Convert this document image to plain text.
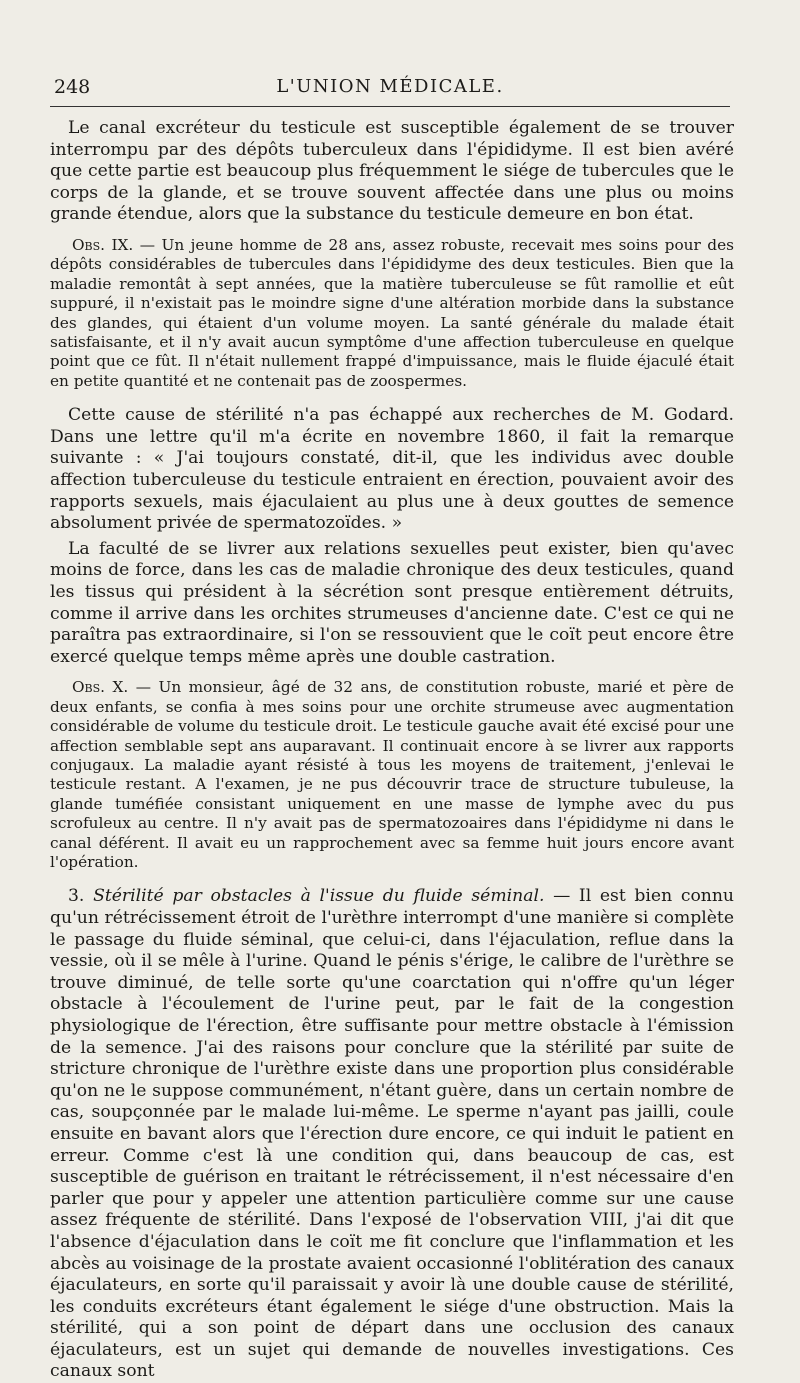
248	L'UNION MÉDICALE.

Le canal excréteur du testicule est susceptible également de se trouver interrompu par des dépôts tuberculeux dans l'épididyme. Il est bien avéré que cette partie est beaucoup plus fréquemment le siége de tubercules que le corps de la glande, et se trouve souvent affectée dans une plus ou moins grande étendue, alors que la substance du testicule demeure en bon état.

Obs. IX. — Un jeune homme de 28 ans, assez robuste, recevait mes soins pour des dépôts considérables de tubercules dans l'épididyme des deux testicules. Bien que la maladie remontât à sept années, que la matière tuberculeuse se fût ramollie et eût suppuré, il n'existait pas le moindre signe d'une altération morbide dans la substance des glandes, qui étaient d'un volume moyen. La santé générale du malade était satisfaisante, et il n'y avait aucun symptôme d'une affection tuberculeuse en quelque point que ce fût. Il n'était nullement frappé d'impuissance, mais le fluide éjaculé était en petite quantité et ne contenait pas de zoospermes.

Cette cause de stérilité n'a pas échappé aux recherches de M. Godard. Dans une lettre qu'il m'a écrite en novembre 1860, il fait la remarque suivante : « J'ai toujours constaté, dit-il, que les individus avec double affection tuberculeuse du testicule entraient en érection, pouvaient avoir des rapports sexuels, mais éjaculaient au plus une à deux gouttes de semence absolument privée de spermatozoïdes. »

La faculté de se livrer aux relations sexuelles peut exister, bien qu'avec moins de force, dans les cas de maladie chronique des deux testicules, quand les tissus qui président à la sécrétion sont presque entièrement détruits, comme il arrive dans les orchites strumeuses d'ancienne date. C'est ce qui ne paraîtra pas extraordinaire, si l'on se ressouvient que le coït peut encore être exercé quelque temps même après une double castration.

Obs. X. — Un monsieur, âgé de 32 ans, de constitution robuste, marié et père de deux enfants, se confia à mes soins pour une orchite strumeuse avec augmentation considérable de volume du testicule droit. Le testicule gauche avait été excisé pour une affection semblable sept ans auparavant. Il continuait encore à se livrer aux rapports conjugaux. La maladie ayant résisté à tous les moyens de traitement, j'enlevai le testicule restant. A l'examen, je ne pus découvrir trace de structure tubuleuse, la glande tuméfiée consistant uniquement en une masse de lymphe avec du pus scrofuleux au centre. Il n'y avait pas de spermatozoaires dans l'épididyme ni dans le canal déférent. Il avait eu un rapprochement avec sa femme huit jours encore avant l'opération.

3. Stérilité par obstacles à l'issue du fluide séminal. — Il est bien connu qu'un rétrécissement étroit de l'urèthre interrompt d'une manière si complète le passage du fluide séminal, que celui-ci, dans l'éjaculation, reflue dans la vessie, où il se mêle à l'urine. Quand le pénis s'érige, le calibre de l'urèthre se trouve diminué, de telle sorte qu'une coarctation qui n'offre qu'un léger obstacle à l'écoulement de l'urine peut, par le fait de la congestion physiologique de l'érection, être suffisante pour mettre obstacle à l'émission de la semence. J'ai des raisons pour conclure que la stérilité par suite de stricture chronique de l'urèthre existe dans une proportion plus considérable qu'on ne le suppose communément, n'étant guère, dans un certain nombre de cas, soupçonnée par le malade lui-même. Le sperme n'ayant pas jailli, coule ensuite en bavant alors que l'érection dure encore, ce qui induit le patient en erreur. Comme c'est là une condition qui, dans beaucoup de cas, est susceptible de guérison en traitant le rétrécissement, il n'est nécessaire d'en parler que pour y appeler une attention particulière comme sur une cause assez fréquente de stérilité. Dans l'exposé de l'observation VIII, j'ai dit que l'absence d'éjaculation dans le coït me fit conclure que l'inflammation et les abcès au voisinage de la prostate avaient occasionné l'oblitération des canaux éjaculateurs, en sorte qu'il paraissait y avoir là une double cause de stérilité, les conduits excréteurs étant également le siége d'une obstruction. Mais la stérilité, qui a son point de départ dans une occlusion des canaux éjaculateurs, est un sujet qui demande de nouvelles investigations. Ces canaux sont
